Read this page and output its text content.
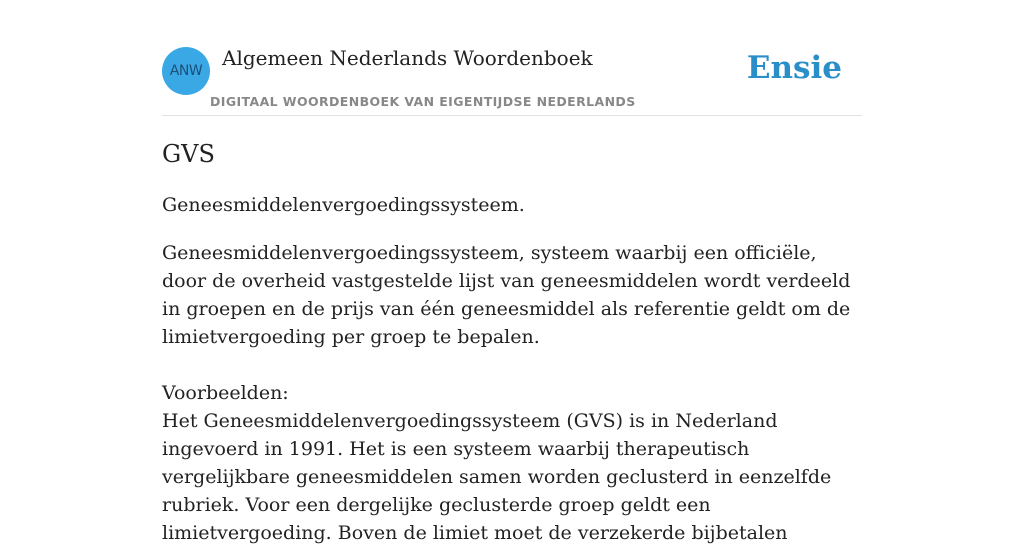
ANW
Algemeen Nederlands Woordenboek
DIGITAAL WOORDENBOEK VAN EIGENTIJDSE NEDERLANDS
Ensie
GVS

Geneesmiddelenvergoedingssysteem.

Geneesmiddelenvergoedingssysteem, systeem waarbij een officiële, door de overheid vastgestelde lijst van geneesmiddelen wordt verdeeld in groepen en de prijs van één geneesmiddel als referentie geldt om de limietvergoeding per groep te bepalen.
Voorbeelden:
Het Geneesmiddelenvergoedingssysteem (GVS) is in Nederland ingevoerd in 1991. Het is een systeem waarbij therapeutisch vergelijkbare geneesmiddelen samen worden geclusterd in eenzelfde rubriek. Voor een dergelijke geclusterde groep geldt een limietvergoeding. Boven de limiet moet de verzekerde bijbetalen
